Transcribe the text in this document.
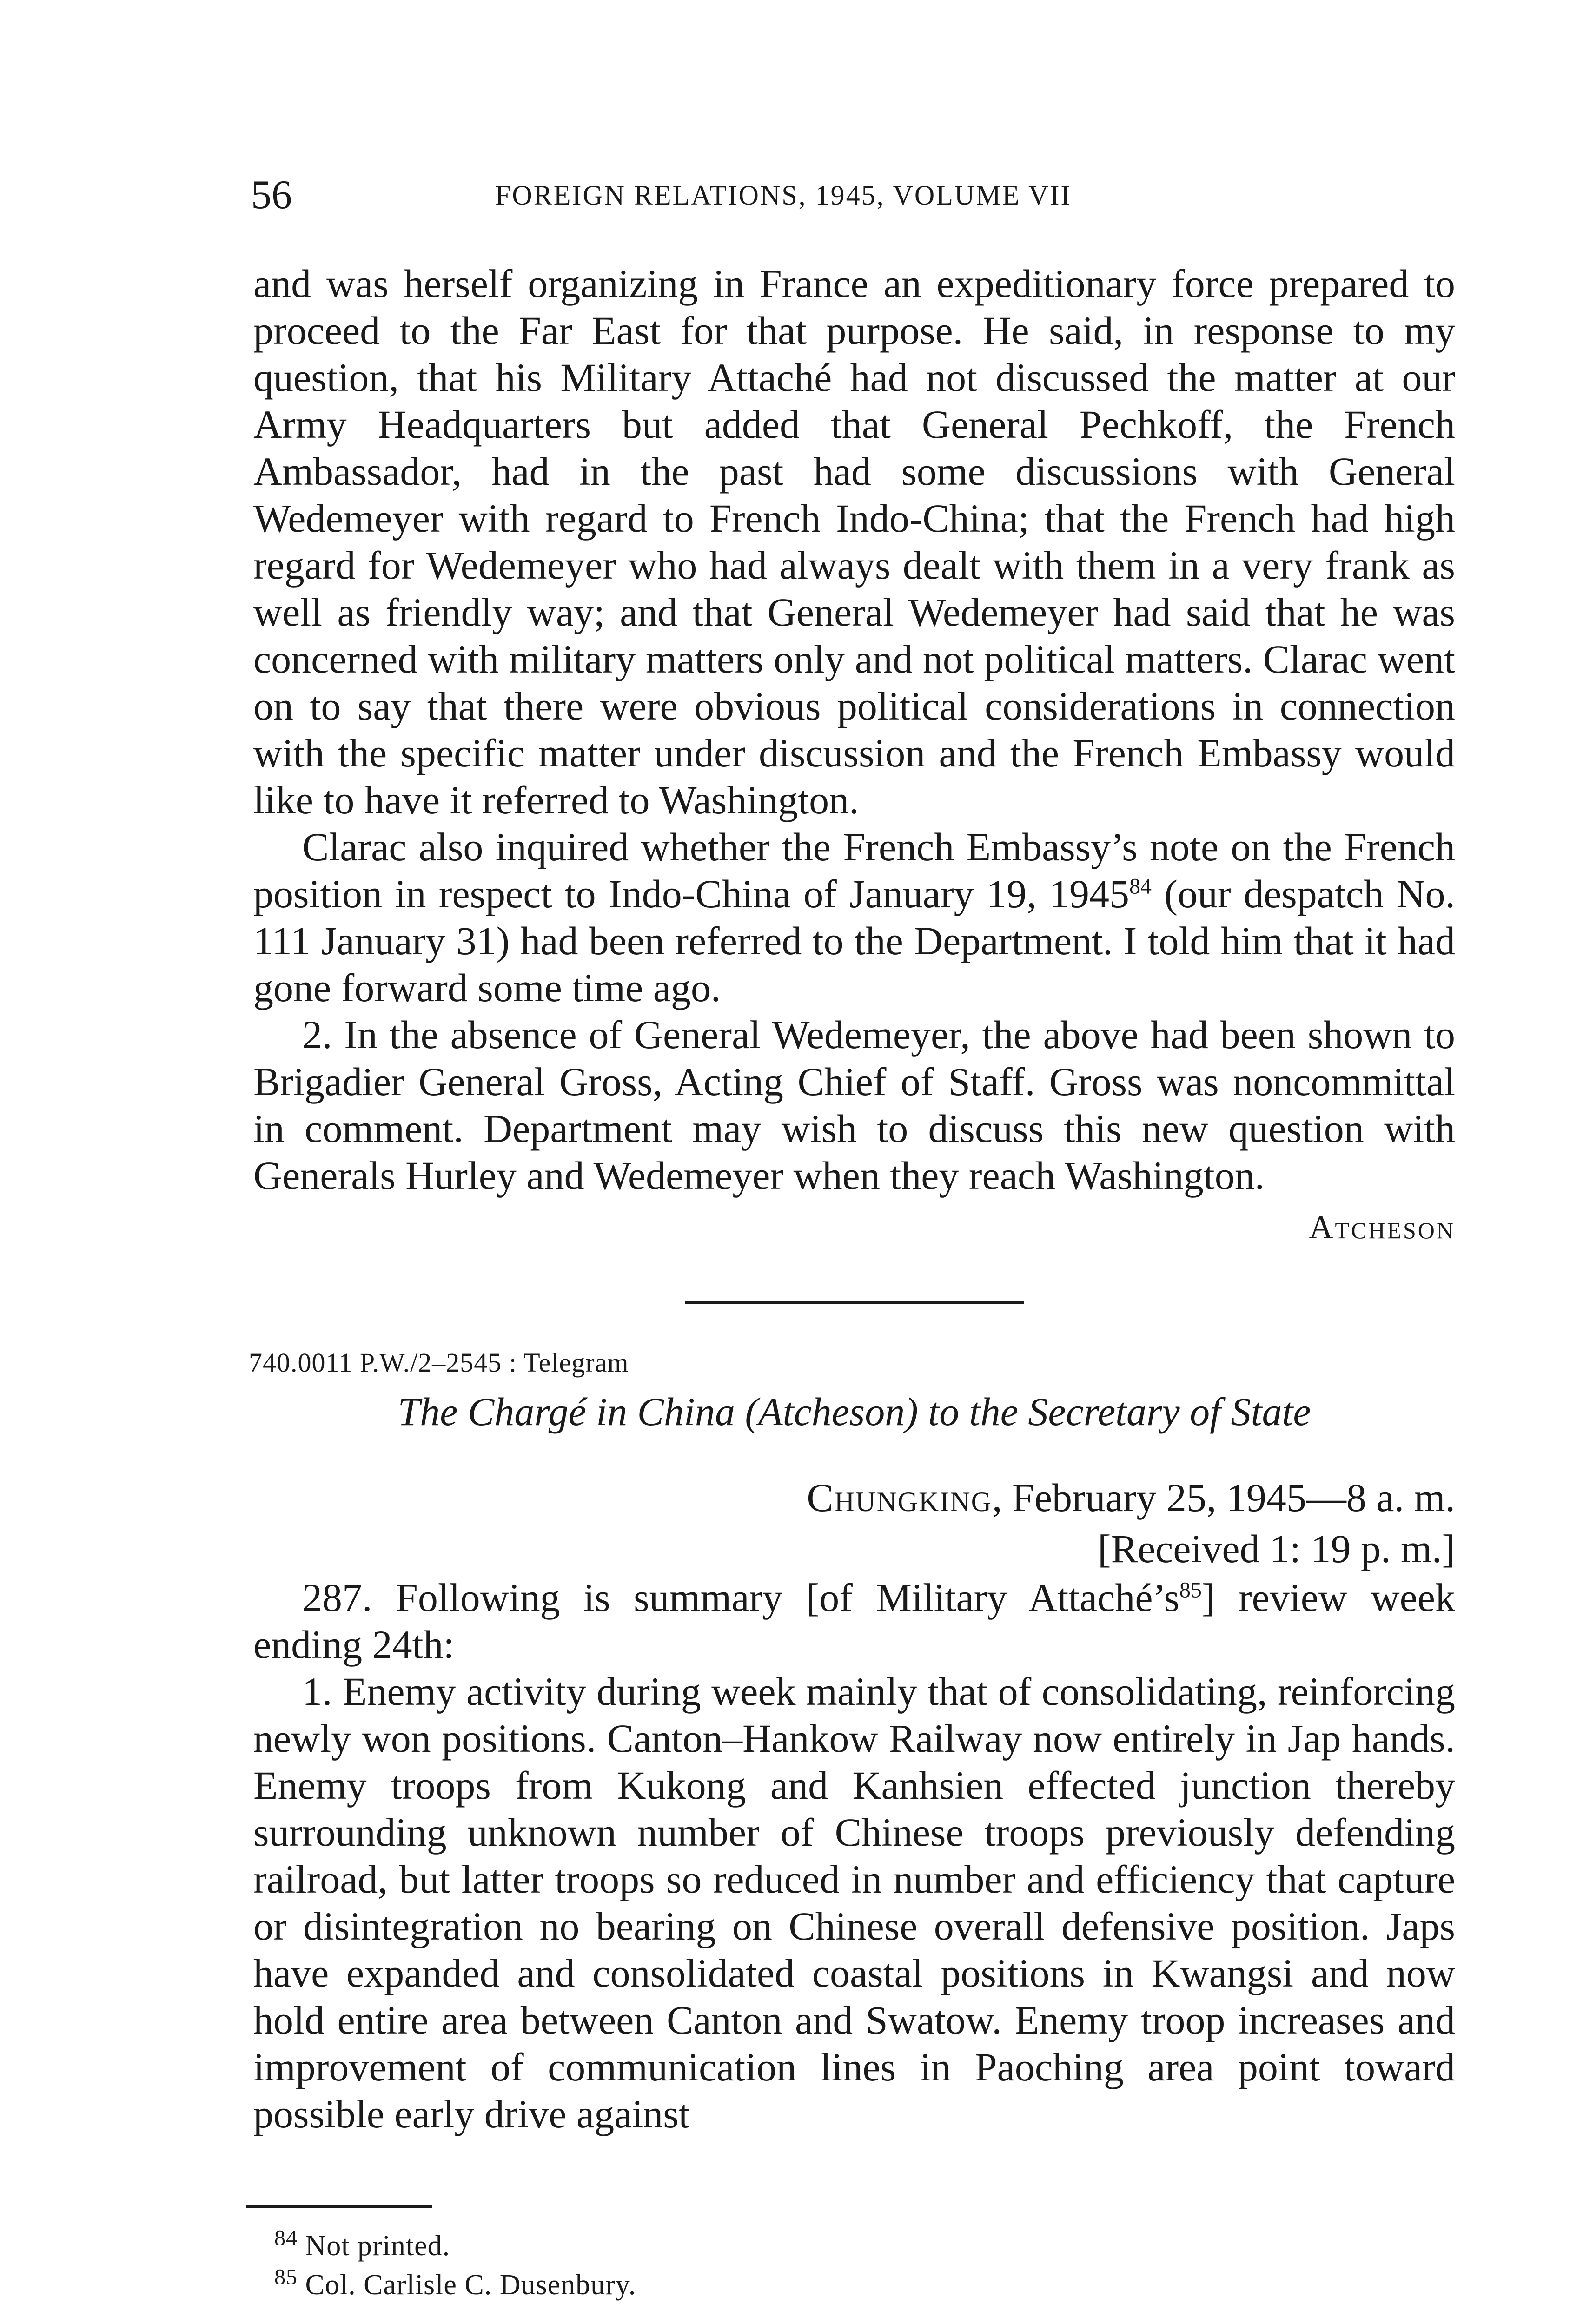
56	FOREIGN RELATIONS, 1945, VOLUME VII

and was herself organizing in France an expeditionary force prepared to proceed to the Far East for that purpose. He said, in response to my question, that his Military Attaché had not discussed the matter at our Army Headquarters but added that General Pechkoff, the French Ambassador, had in the past had some discussions with General Wedemeyer with regard to French Indo-China; that the French had high regard for Wedemeyer who had always dealt with them in a very frank as well as friendly way; and that General Wedemeyer had said that he was concerned with military matters only and not political matters. Clarac went on to say that there were obvious political considerations in connection with the specific matter under discussion and the French Embassy would like to have it referred to Washington.

Clarac also inquired whether the French Embassy’s note on the French position in respect to Indo-China of January 19, 1945$^{84}$ (our despatch No. 111 January 31) had been referred to the Department. I told him that it had gone forward some time ago.

2. In the absence of General Wedemeyer, the above had been shown to Brigadier General Gross, Acting Chief of Staff. Gross was noncommittal in comment. Department may wish to discuss this new question with Generals Hurley and Wedemeyer when they reach Washington.

Atcheson

740.0011 P.W./2–2545 : Telegram
The Chargé in China (Atcheson) to the Secretary of State
Chungking, February 25, 1945—8 a. m.
[Received 1: 19 p. m.]

287. Following is summary [of Military $Attaché’s^{85}$] review week ending 24th:

1. Enemy activity during week mainly that of consolidating, reinforcing newly won positions. Canton–Hankow Railway now entirely in Jap hands. Enemy troops from Kukong and Kanhsien effected junction thereby surrounding unknown number of Chinese troops previously defending railroad, but latter troops so reduced in number and efficiency that capture or disintegration no bearing on Chinese overall defensive position. Japs have expanded and consolidated coastal positions in Kwangsi and now hold entire area between Canton and Swatow. Enemy troop increases and improvement of communication lines in Paoching area point toward possible early drive against

$^{84}$ Not printed.

$^{85}$ Col. Carlisle C. Dusenbury.
